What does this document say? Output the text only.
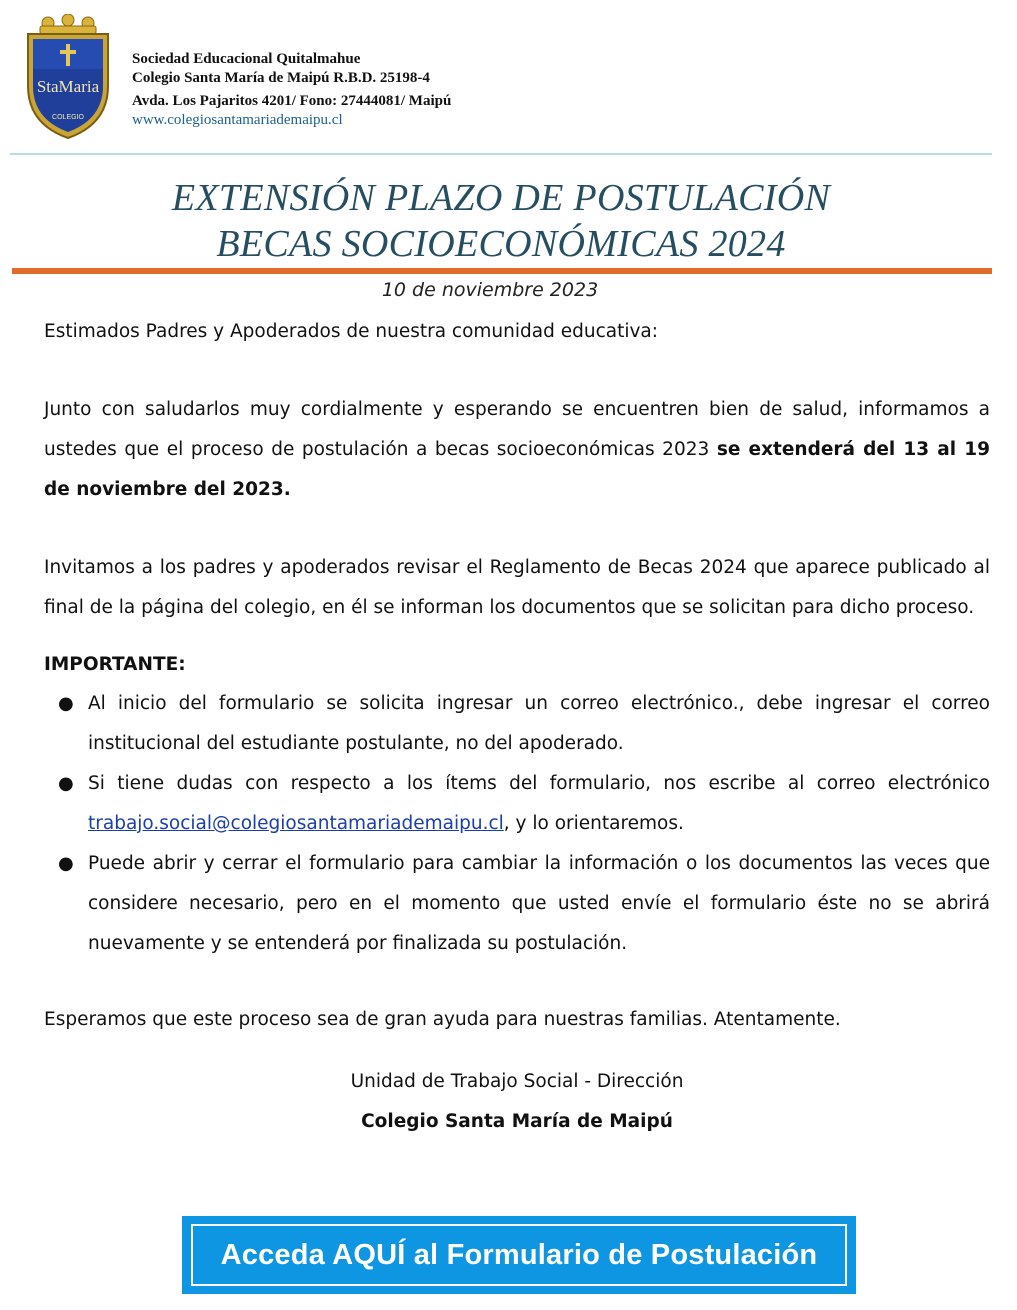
StaMaria
COLEGIO
Sociedad Educacional Quitalmahue
Colegio Santa María de Maipú R.B.D. 25198-4
Avda. Los Pajaritos 4201/ Fono: 27444081/ Maipú
www.colegiosantamariademaipu.cl
EXTENSIÓN PLAZO DE POSTULACIÓN
BECAS SOCIOECONÓMICAS 2024
10 de noviembre 2023
Estimados Padres y Apoderados de nuestra comunidad educativa:
Junto con saludarlos muy cordialmente y esperando se encuentren bien de salud, informamos a ustedes que el proceso de postulación a becas socioeconómicas 2023 se extenderá del 13 al 19 de noviembre del 2023.
Invitamos a los padres y apoderados revisar el Reglamento de Becas 2024 que aparece publicado al final de la página del colegio, en él se informan los documentos que se solicitan para dicho proceso.
IMPORTANTE:
● Al inicio del formulario se solicita ingresar un correo electrónico., debe ingresar el correo institucional del estudiante postulante, no del apoderado.
● Si tiene dudas con respecto a los ítems del formulario, nos escribe al correo electrónico trabajo.social@colegiosantamariademaipu.cl, y lo orientaremos.
● Puede abrir y cerrar el formulario para cambiar la información o los documentos las veces que considere necesario, pero en el momento que usted envíe el formulario éste no se abrirá nuevamente y se entenderá por finalizada su postulación.
Esperamos que este proceso sea de gran ayuda para nuestras familias. Atentamente.
Unidad de Trabajo Social - Dirección
Colegio Santa María de Maipú
Acceda AQUÍ al Formulario de Postulación
